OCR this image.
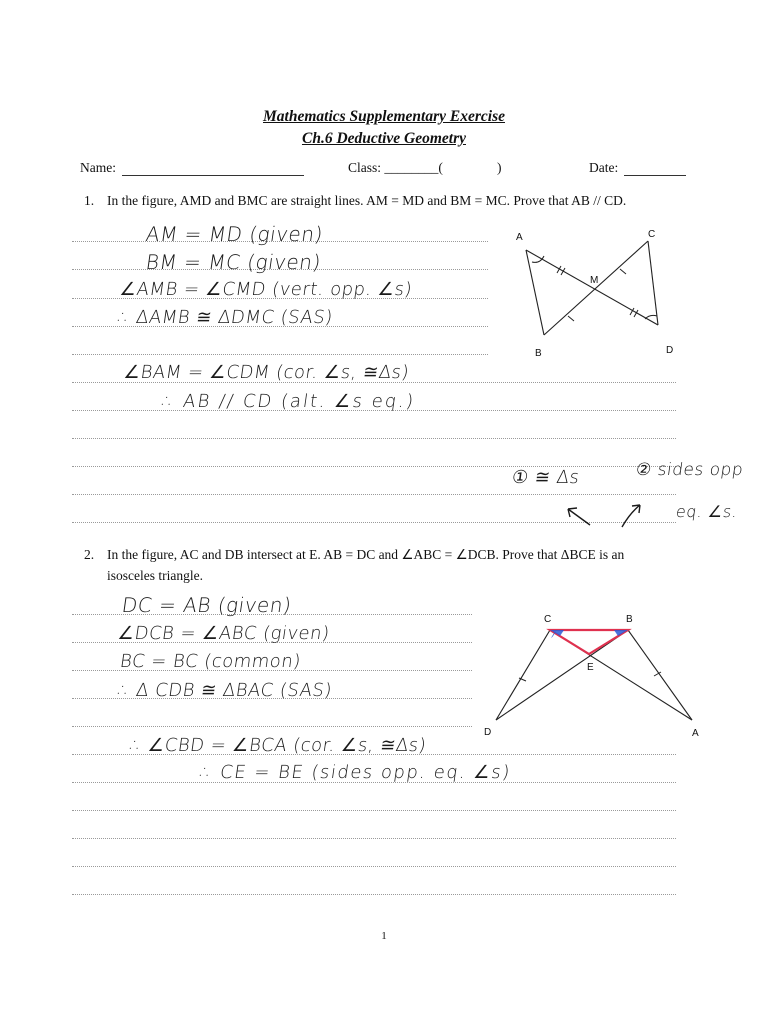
Mathematics Supplementary Exercise
Ch.6 Deductive Geometry
Name:	Class: ________(	)	Date:
1. In the figure, AMD and BMC are straight lines. AM = MD and BM = MC. Prove that AB // CD.
AM = MD (given)
BM = MC (given)
∠AMB = ∠CMD (vert. opp. ∠s)
∴ ΔAMB ≅ ΔDMC (SAS)
∠BAM = ∠CDM (cor. ∠s, ≅Δs)
∴ AB // CD (alt. ∠s eq.)
① ≅ Δs	② sides opp
eq. ∠s.
A	C
M
B	D
2. In the figure, AC and DB intersect at E. AB = DC and ∠ABC = ∠DCB. Prove that ΔBCE is an
isosceles triangle.
DC = AB (given)
∠DCB = ∠ABC (given)
BC = BC (common)
∴ Δ CDB ≅ ΔBAC (SAS)
∴ ∠CBD = ∠BCA (cor. ∠s, ≅Δs)
∴ CE = BE (sides opp. eq. ∠s)
C	B
E
D	A
1
